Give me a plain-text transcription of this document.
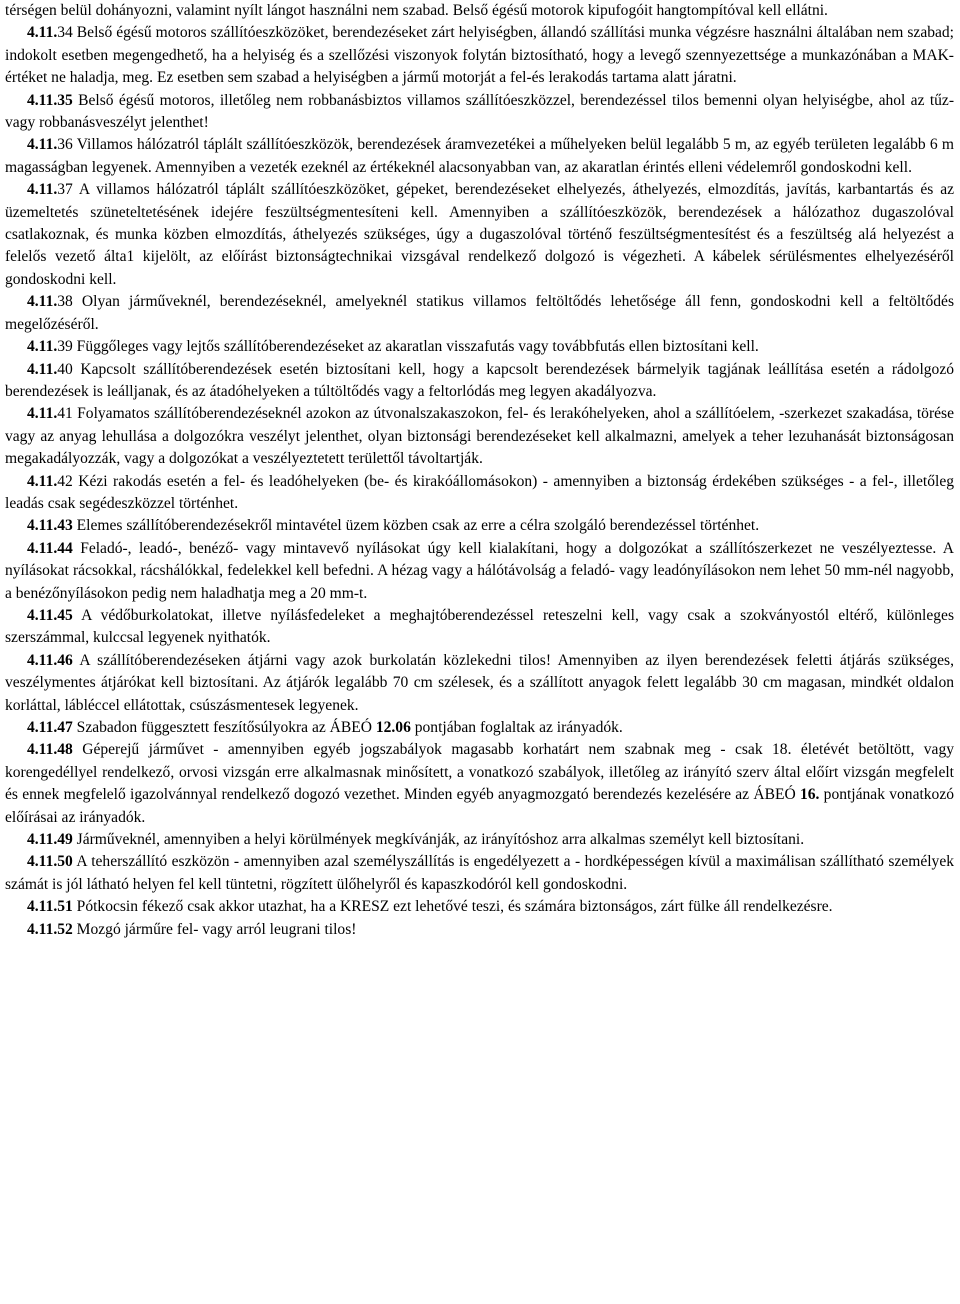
térségen belül dohányozni, valamint nyílt lángot használni nem szabad. Belső égésű motorok kipufogóit hangtompítóval kell ellátni.

4.11.34 Belső égésű motoros szállítóeszközöket, berendezéseket zárt helyiségben, állandó szállítási munka végzésre használni általában nem szabad; indokolt esetben megengedhető, ha a helyiség és a szellőzési viszonyok folytán biztosítható, hogy a levegő szennyezettsége a munkazónában a MAK-értéket ne haladja, meg. Ez esetben sem szabad a helyiségben a jármű motorját a fel-és lerakodás tartama alatt járatni.

4.11.35 Belső égésű motoros, illetőleg nem robbanásbiztos villamos szállítóeszközzel, berendezéssel tilos bemenni olyan helyiségbe, ahol az tűz- vagy robbanásveszélyt jelenthet!

4.11.36 Villamos hálózatról táplált szállítóeszközök, berendezések áramvezetékei a műhelyeken belül legalább 5 m, az egyéb területen legalább 6 m magasságban legyenek. Amennyiben a vezeték ezeknél az értékeknél alacsonyabban van, az akaratlan érintés elleni védelemről gondoskodni kell.

4.11.37 A villamos hálózatról táplált szállítóeszközöket, gépeket, berendezéseket elhelyezés, áthelyezés, elmozdítás, javítás, karbantartás és az üzemeltetés szüneteltetésének idejére feszültségmentesíteni kell. Amennyiben a szállítóeszközök, berendezések a hálózathoz dugaszolóval csatlakoznak, és munka közben elmozdítás, áthelyezés szükséges, úgy a dugaszolóval történő feszültségmentesítést és a feszültség alá helyezést a felelős vezető álta1 kijelölt, az előírást biztonságtechnikai vizsgával rendelkező dolgozó is végezheti. A kábelek sérülésmentes elhelyezéséről gondoskodni kell.

4.11.38 Olyan járműveknél, berendezéseknél, amelyeknél statikus villamos feltöltődés lehetősége áll fenn, gondoskodni kell a feltöltődés megelőzéséről.

4.11.39 Függőleges vagy lejtős szállítóberendezéseket az akaratlan visszafutás vagy továbbfutás ellen biztosítani kell.

4.11.40 Kapcsolt szállítóberendezések esetén biztosítani kell, hogy a kapcsolt berendezések bármelyik tagjának leállítása esetén a rádolgozó berendezések is leálljanak, és az átadóhelyeken a túltöltődés vagy a feltorlódás meg legyen akadályozva.

4.11.41 Folyamatos szállítóberendezéseknél azokon az útvonalszakaszokon, fel- és lerakóhelyeken, ahol a szállítóelem, -szerkezet szakadása, törése vagy az anyag lehullása a dolgozókra veszélyt jelenthet, olyan biztonsági berendezéseket kell alkalmazni, amelyek a teher lezuhanását biztonságosan megakadályozzák, vagy a dolgozókat a veszélyeztetett területtől távoltartják.

4.11.42 Kézi rakodás esetén a fel- és leadóhelyeken (be- és kirakóállomásokon) - amennyiben a biztonság érdekében szükséges - a fel-, illetőleg leadás csak segédeszközzel történhet.

4.11.43 Elemes szállítóberendezésekről mintavétel üzem közben csak az erre a célra szolgáló berendezéssel történhet.

4.11.44 Feladó-, leadó-, benéző- vagy mintavevő nyílásokat úgy kell kialakítani, hogy a dolgozókat a szállítószerkezet ne veszélyeztesse. A nyílásokat rácsokkal, rácshálókkal, fedelekkel kell befedni. A hézag vagy a hálótávolság a feladó- vagy leadónyílásokon nem lehet 50 mm-nél nagyobb, a benézőnyílásokon pedig nem haladhatja meg a 20 mm-t.

4.11.45 A védőburkolatokat, illetve nyílásfedeleket a meghajtóberendezéssel reteszelni kell, vagy csak a szokványostól eltérő, különleges szerszámmal, kulccsal legyenek nyithatók.

4.11.46 A szállítóberendezéseken átjárni vagy azok burkolatán közlekedni tilos! Amennyiben az ilyen berendezések feletti átjárás szükséges, veszélymentes átjárókat kell biztosítani. Az átjárók legalább 70 cm szélesek, és a szállított anyagok felett legalább 30 cm magasan, mindkét oldalon korláttal, lábléccel ellátottak, csúszásmentesek legyenek.

4.11.47 Szabadon függesztett feszítősúlyokra az ÁBEÓ 12.06 pontjában foglaltak az irányadók.

4.11.48 Géperejű járművet - amennyiben egyéb jogszabályok magasabb korhatárt nem szabnak meg - csak 18. életévét betöltött, vagy korengedéllyel rendelkező, orvosi vizsgán erre alkalmasnak minősített, a vonatkozó szabályok, illetőleg az irányító szerv által előírt vizsgán megfelelt és ennek megfelelő igazolvánnyal rendelkező dogozó vezethet. Minden egyéb anyagmozgató berendezés kezelésére az ÁBEÓ 16. pontjának vonatkozó előírásai az irányadók.

4.11.49 Járműveknél, amennyiben a helyi körülmények megkívánják, az irányítóshoz arra alkalmas személyt kell biztosítani.

4.11.50 A teherszállító eszközön - amennyiben azal személyszállítás is engedélyezett a - hordképességen kívül a maximálisan szállítható személyek számát is jól látható helyen fel kell tüntetni, rögzített ülőhelyről és kapaszkodóról kell gondoskodni.

4.11.51 Pótkocsin fékező csak akkor utazhat, ha a KRESZ ezt lehetővé teszi, és számára biztonságos, zárt fülke áll rendelkezésre.

4.11.52 Mozgó járműre fel- vagy arról leugrani tilos!
